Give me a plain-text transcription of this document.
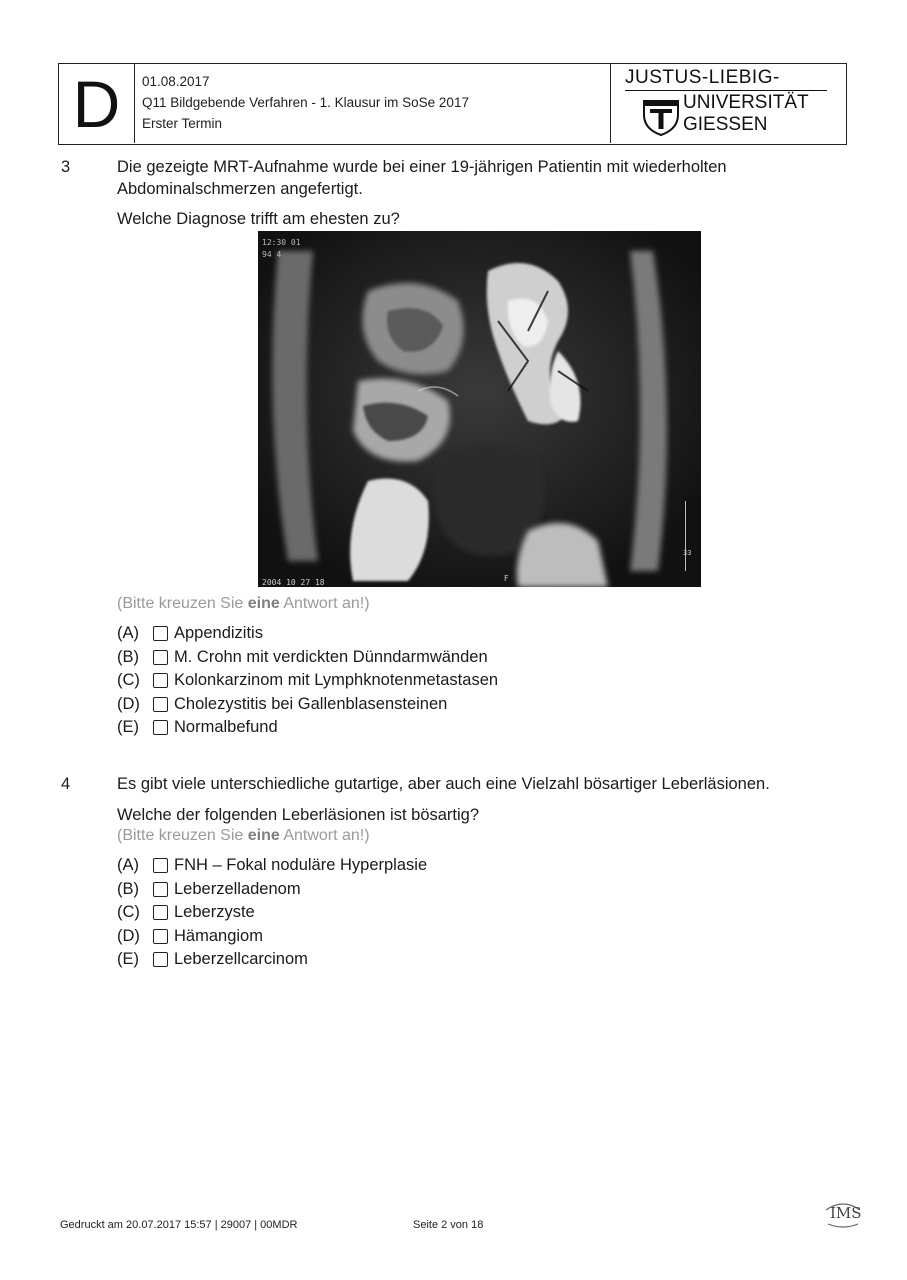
D	01.08.2017
Q11 Bildgebende Verfahren - 1. Klausur im SoSe 2017
Erster Termin
JUSTUS-LIEBIG-
UNIVERSITÄT
GIESSEN
3	Die gezeigte MRT-Aufnahme wurde bei einer 19-jährigen Patientin mit wiederholten
Abdominalschmerzen angefertigt.
Welche Diagnose trifft am ehesten zu?
12:30 01
94 4
2004 10 27 18	F
33
(Bitte kreuzen Sie eine Antwort an!)
(A)	Appendizitis
(B)	M. Crohn mit verdickten Dünndarmwänden
(C)	Kolonkarzinom mit Lymphknotenmetastasen
(D)	Cholezystitis bei Gallenblasensteinen
(E)	Normalbefund
4	Es gibt viele unterschiedliche gutartige, aber auch eine Vielzahl bösartiger Leberläsionen.
Welche der folgenden Leberläsionen ist bösartig?
(Bitte kreuzen Sie eine Antwort an!)
(A)	FNH – Fokal noduläre Hyperplasie
(B)	Leberzelladenom
(C)	Leberzyste
(D)	Hämangiom
(E)	Leberzellcarcinom
Gedruckt am 20.07.2017 15:57 | 29007 | 00MDR	Seite 2 von 18
IMS
